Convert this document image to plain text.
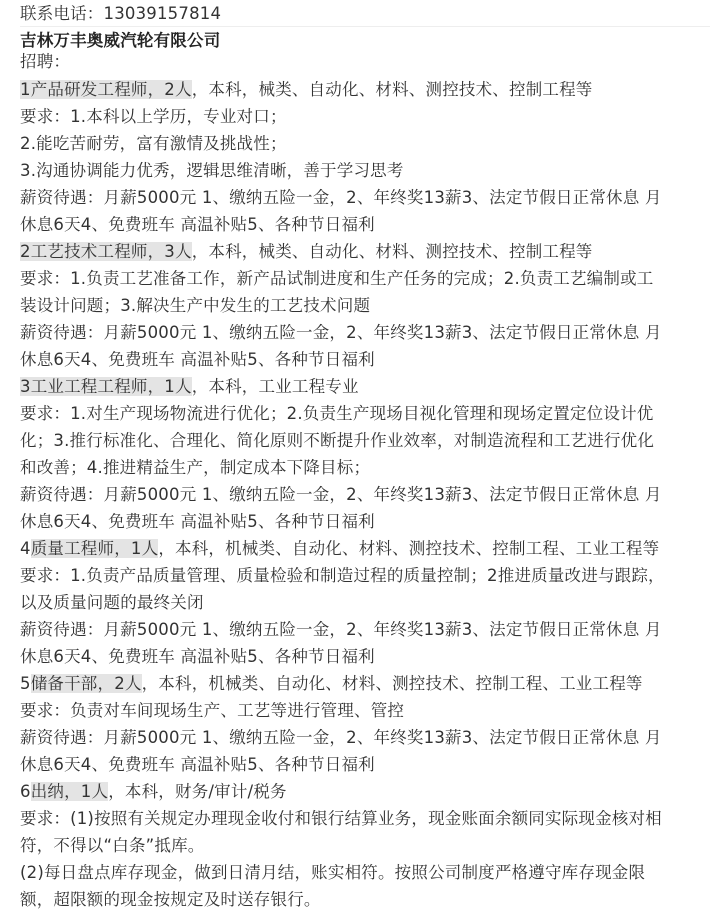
联系电话：13039157814
吉林万丰奥威汽轮有限公司
招聘：
1产品研发工程师，2人，本科，械类、自动化、材料、测控技术、控制工程等
要求：1.本科以上学历，专业对口；
2.能吃苦耐劳，富有激情及挑战性；
3.沟通协调能力优秀，逻辑思维清晰，善于学习思考
薪资待遇：月薪5000元 1、缴纳五险一金，2、年终奖13薪3、法定节假日正常休息 月
休息6天4、免费班车 高温补贴5、各种节日福利
2工艺技术工程师，3人，本科，械类、自动化、材料、测控技术、控制工程等
要求：1.负责工艺准备工作，新产品试制进度和生产任务的完成；2.负责工艺编制或工
装设计问题；3.解决生产中发生的工艺技术问题
薪资待遇：月薪5000元 1、缴纳五险一金，2、年终奖13薪3、法定节假日正常休息 月
休息6天4、免费班车 高温补贴5、各种节日福利
3工业工程工程师，1人，本科，工业工程专业
要求：1.对生产现场物流进行优化；2.负责生产现场目视化管理和现场定置定位设计优
化；3.推行标准化、合理化、简化原则不断提升作业效率，对制造流程和工艺进行优化
和改善；4.推进精益生产，制定成本下降目标；
薪资待遇：月薪5000元 1、缴纳五险一金，2、年终奖13薪3、法定节假日正常休息 月
休息6天4、免费班车 高温补贴5、各种节日福利
4质量工程师，1人，本科，机械类、自动化、材料、测控技术、控制工程、工业工程等
要求：1.负责产品质量管理、质量检验和制造过程的质量控制；2推进质量改进与跟踪，
以及质量问题的最终关闭
薪资待遇：月薪5000元 1、缴纳五险一金，2、年终奖13薪3、法定节假日正常休息 月
休息6天4、免费班车 高温补贴5、各种节日福利
5储备干部，2人，本科，机械类、自动化、材料、测控技术、控制工程、工业工程等
要求：负责对车间现场生产、工艺等进行管理、管控
薪资待遇：月薪5000元 1、缴纳五险一金，2、年终奖13薪3、法定节假日正常休息 月
休息6天4、免费班车 高温补贴5、各种节日福利
6出纳，1人，本科，财务/审计/税务
要求：(1)按照有关规定办理现金收付和银行结算业务，现金账面余额同实际现金核对相
符，不得以“白条”抵库。
(2)每日盘点库存现金，做到日清月结，账实相符。按照公司制度严格遵守库存现金限
额，超限额的现金按规定及时送存银行。
